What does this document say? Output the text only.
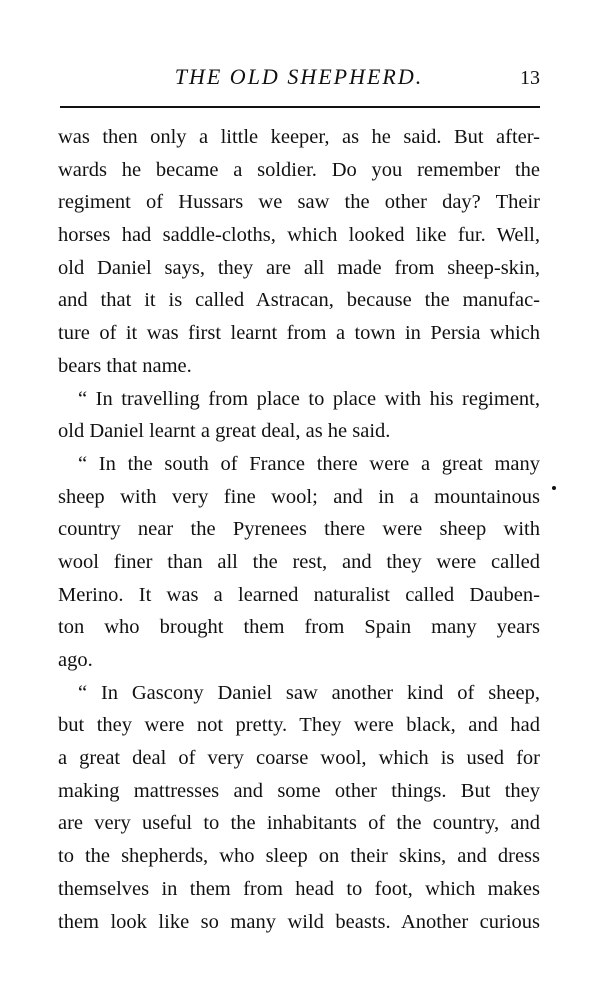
THE OLD SHEPHERD.	13
was then only a little keeper, as he said. But after-
wards he became a soldier. Do you remember the
regiment of Hussars we saw the other day? Their
horses had saddle-cloths, which looked like fur. Well,
old Daniel says, they are all made from sheep-skin,
and that it is called Astracan, because the manufac-
ture of it was first learnt from a town in Persia which
bears that name.
“ In travelling from place to place with his regiment,
old Daniel learnt a great deal, as he said.
“ In the south of France there were a great many
sheep with very fine wool; and in a mountainous
country near the Pyrenees there were sheep with
wool finer than all the rest, and they were called
Merino. It was a learned naturalist called Dauben-
ton who brought them from Spain many years
ago.
“ In Gascony Daniel saw another kind of sheep,
but they were not pretty. They were black, and had
a great deal of very coarse wool, which is used for
making mattresses and some other things. But they
are very useful to the inhabitants of the country, and
to the shepherds, who sleep on their skins, and dress
themselves in them from head to foot, which makes
them look like so many wild beasts. Another curious
